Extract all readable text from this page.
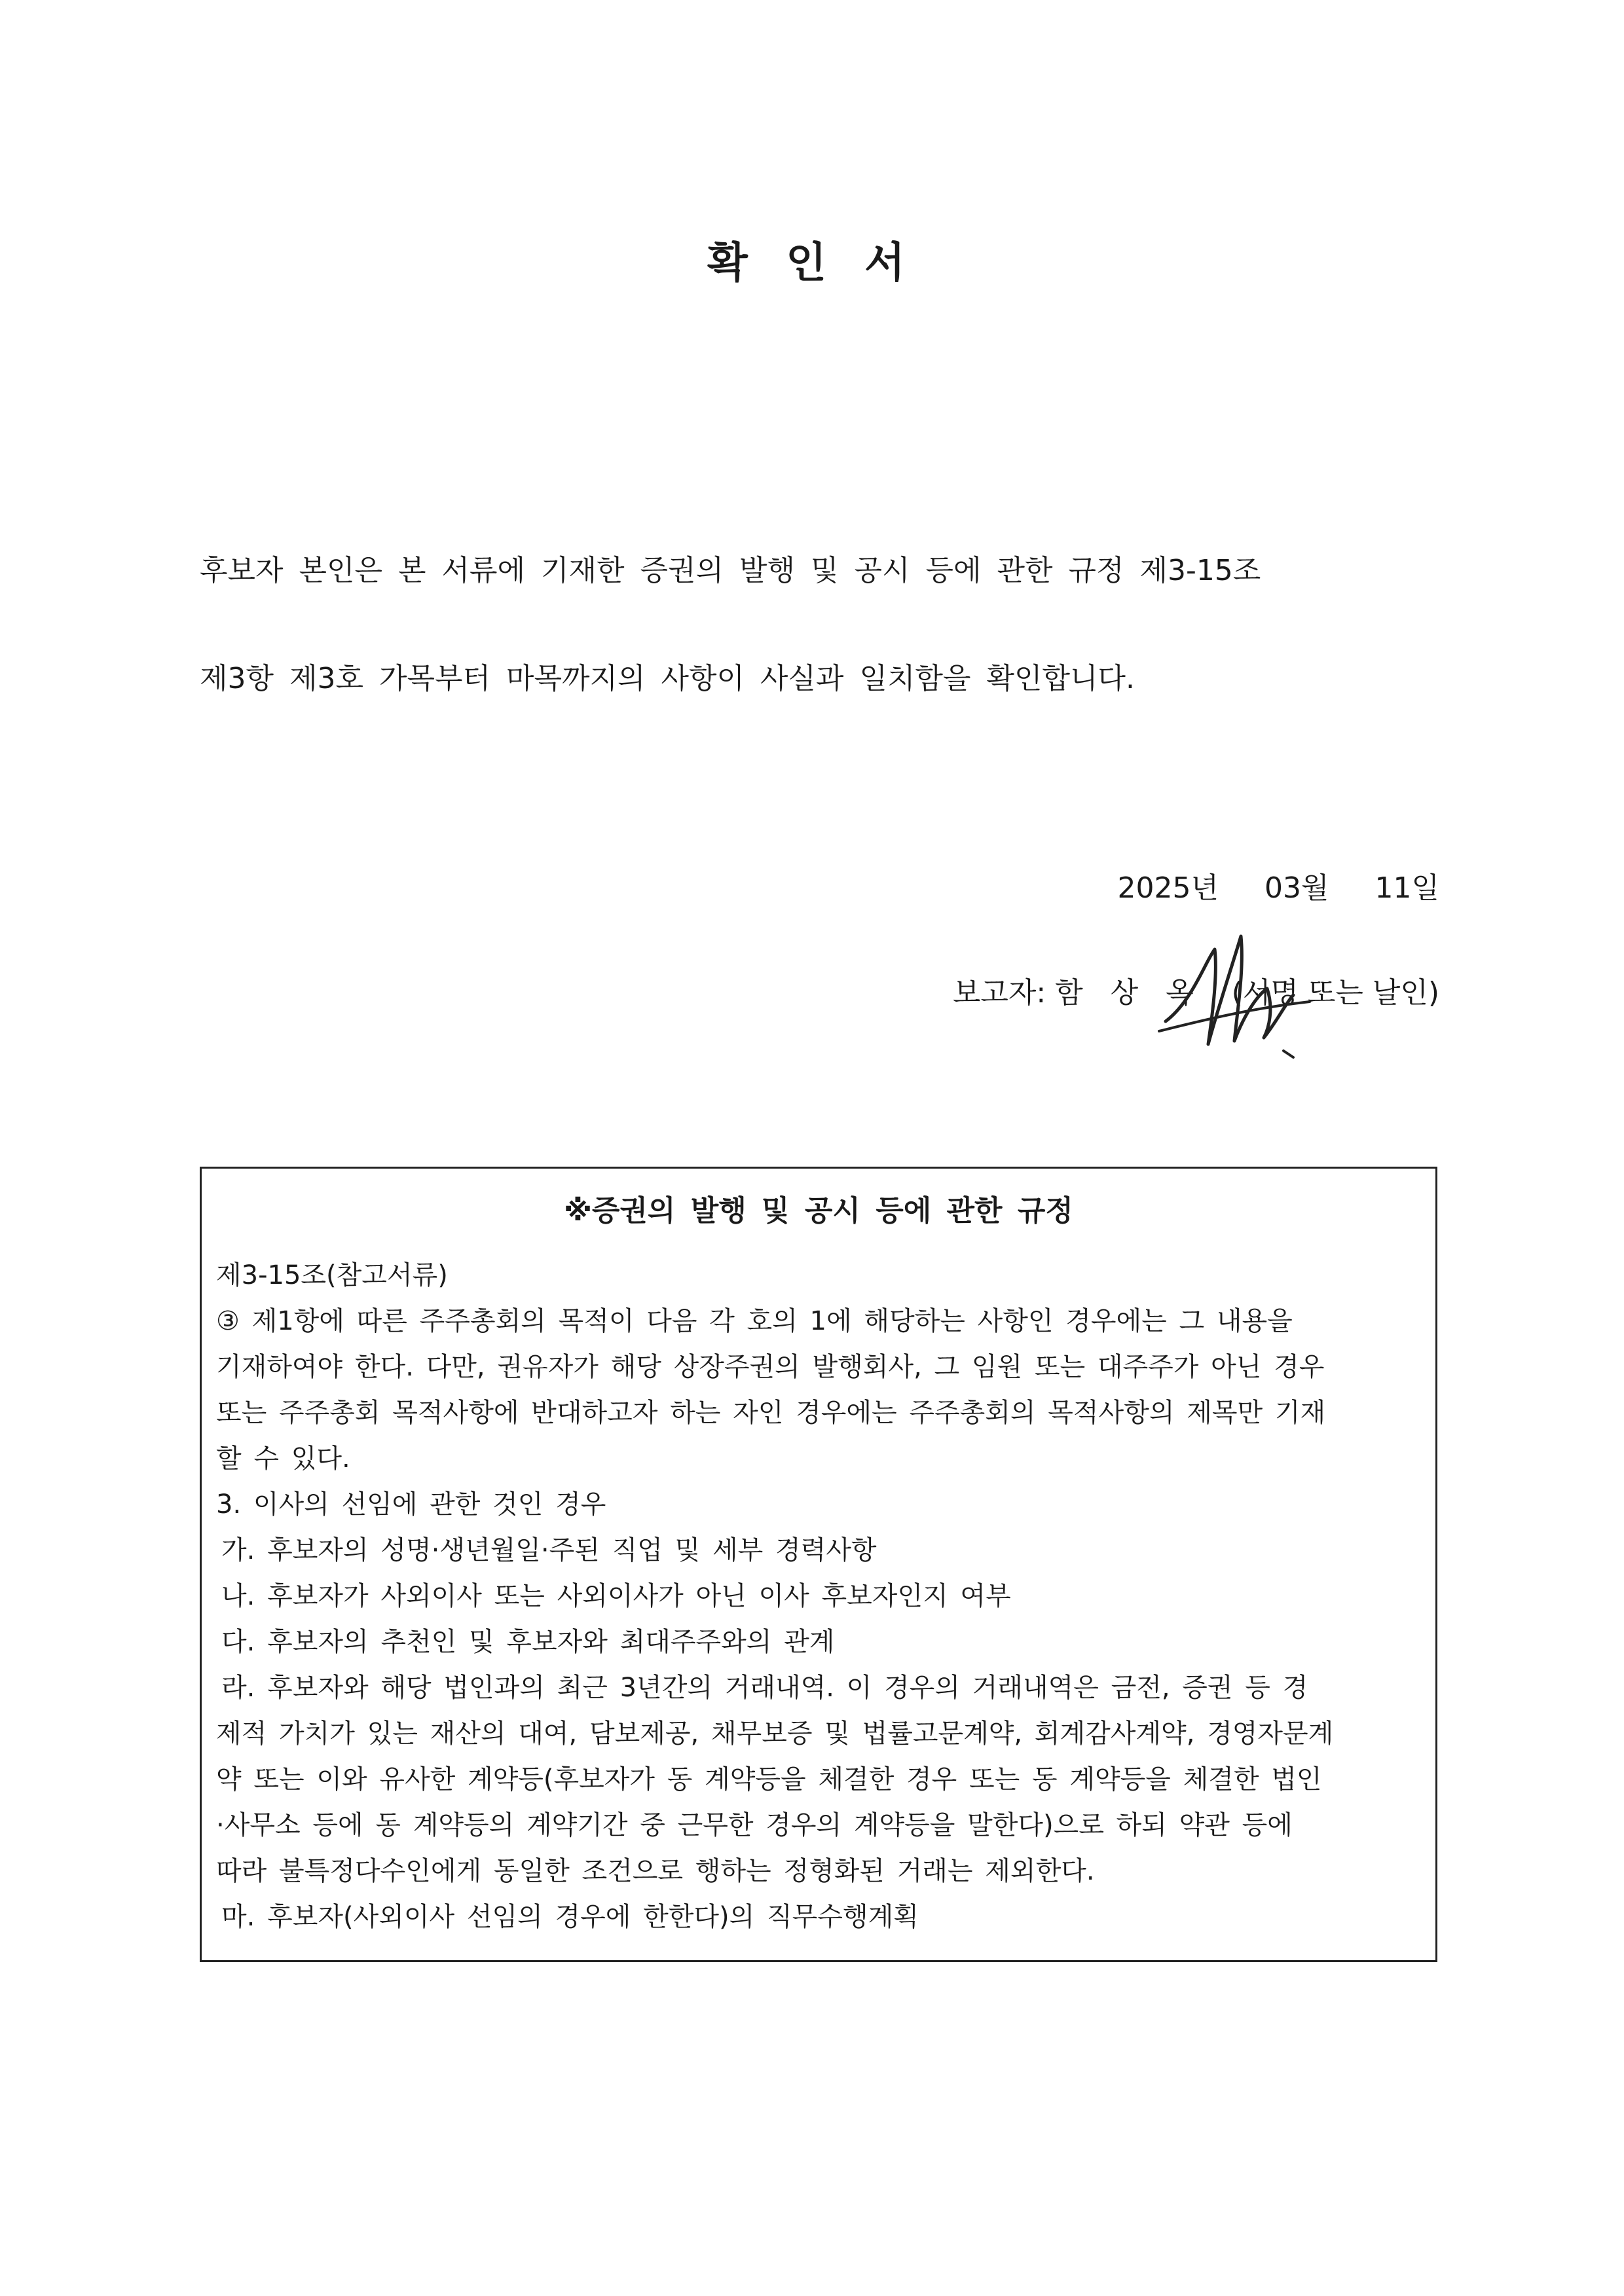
확 인 서
후보자 본인은 본 서류에 기재한 증권의 발행 및 공시 등에 관한 규정 제3-15조
제3항 제3호 가목부터 마목까지의 사항이 사실과 일치함을 확인합니다.
2025년 03월 11일
보고자: 함 상 옥 (서명 또는 날인)
※증권의 발행 및 공시 등에 관한 규정
제3-15조(참고서류)
③ 제1항에 따른 주주총회의 목적이 다음 각 호의 1에 해당하는 사항인 경우에는 그 내용을
기재하여야 한다. 다만, 권유자가 해당 상장주권의 발행회사, 그 임원 또는 대주주가 아닌 경우
또는 주주총회 목적사항에 반대하고자 하는 자인 경우에는 주주총회의 목적사항의 제목만 기재
할 수 있다.
3. 이사의 선임에 관한 것인 경우
가. 후보자의 성명·생년월일·주된 직업 및 세부 경력사항
나. 후보자가 사외이사 또는 사외이사가 아닌 이사 후보자인지 여부
다. 후보자의 추천인 및 후보자와 최대주주와의 관계
라. 후보자와 해당 법인과의 최근 3년간의 거래내역. 이 경우의 거래내역은 금전, 증권 등 경
제적 가치가 있는 재산의 대여, 담보제공, 채무보증 및 법률고문계약, 회계감사계약, 경영자문계
약 또는 이와 유사한 계약등(후보자가 동 계약등을 체결한 경우 또는 동 계약등을 체결한 법인
·사무소 등에 동 계약등의 계약기간 중 근무한 경우의 계약등을 말한다)으로 하되 약관 등에
따라 불특정다수인에게 동일한 조건으로 행하는 정형화된 거래는 제외한다.
마. 후보자(사외이사 선임의 경우에 한한다)의 직무수행계획
